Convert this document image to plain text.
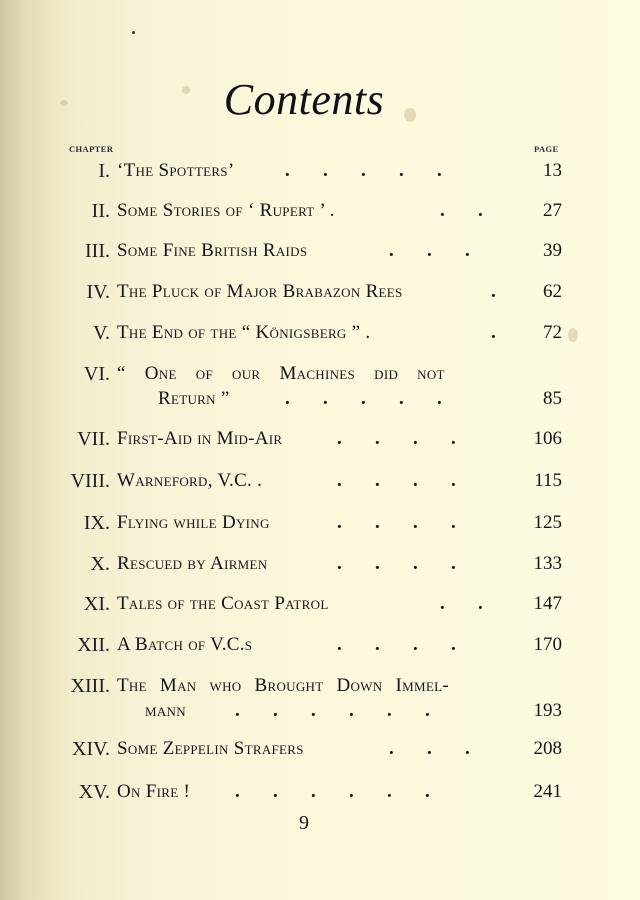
Contents
CHAPTER	PAGE
I. ‘The Spotters’	.       .       .       .       .	13
II. Some Stories of ‘ Rupert ’ .	.       .	27
III. Some Fine British Raids	.       .       .	39
IV. The Pluck of Major Brabazon Rees	.	62
V. The End of the “ Königsberg ” .	.	72
VI. “ One of our Machines did not
Return ”	.       .       .       .       .	85
VII. First-Aid in Mid-Air	.       .       .       .	106
VIII. Warneford, V.C. .	.       .       .       .	115
IX. Flying while Dying	.       .       .       .	125
X. Rescued by Airmen	.       .       .       .	133
XI. Tales of the Coast Patrol	.       .	147
XII. A Batch of V.C.s	.       .       .       .	170
XIII. The Man who Brought Down Immel-
mann	.       .       .       .       .       .	193
XIV. Some Zeppelin Strafers	.       .       .	208
XV. On Fire ! .       .       .       .       .       .	241
9
